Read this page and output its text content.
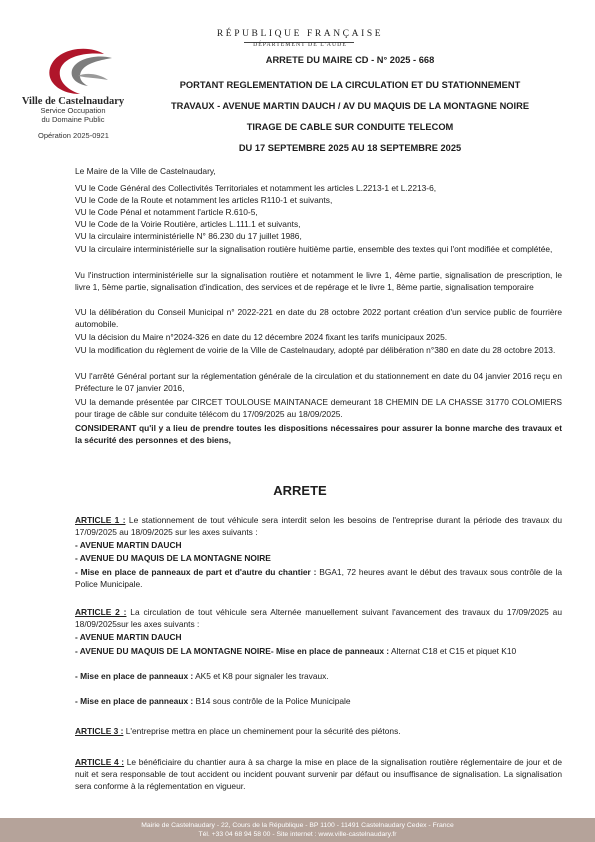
Ville de Castelnaudary
Service Occupation
du Domaine Public
Opération 2025-0921
RÉPUBLIQUE FRANÇAISE
DÉPARTEMENT DE L'AUDE
ARRETE DU MAIRE CD - N° 2025 - 668
PORTANT REGLEMENTATION DE LA CIRCULATION ET DU STATIONNEMENT
TRAVAUX - AVENUE MARTIN DAUCH / AV DU MAQUIS DE LA MONTAGNE NOIRE
TIRAGE DE CABLE SUR CONDUITE TELECOM
DU 17 SEPTEMBRE 2025 AU 18 SEPTEMBRE 2025
Le Maire de la Ville de Castelnaudary,
VU le Code Général des Collectivités Territoriales et notamment les articles L.2213-1 et L.2213-6,
VU le Code de la Route et notamment les articles R110-1 et suivants,
VU le Code Pénal et notamment l'article R.610-5,
VU le Code de la Voirie Routière, articles L.111.1 et suivants,
VU la circulaire interministérielle N° 86.230 du 17 juillet 1986,
VU la circulaire interministérielle sur la signalisation routière huitième partie, ensemble des textes qui l'ont modifiée et complétée,
Vu l'instruction interministérielle sur la signalisation routière et notamment le livre 1, 4ème partie, signalisation de prescription, le livre 1, 5ème partie, signalisation d'indication, des services et de repérage et le livre 1, 8ème partie, signalisation temporaire
VU la délibération du Conseil Municipal n° 2022-221 en date du 28 octobre 2022 portant création d'un service public de fourrière automobile.
VU la décision du Maire n°2024-326 en date du 12 décembre 2024 fixant les tarifs municipaux 2025.
VU la modification du règlement de voirie de la Ville de Castelnaudary, adopté par délibération n°380 en date du 28 octobre 2013.
VU l'arrêté Général portant sur la réglementation générale de la circulation et du stationnement en date du 04 janvier 2016 reçu en Préfecture le 07 janvier 2016,
VU la demande présentée par CIRCET TOULOUSE MAINTANACE demeurant 18 CHEMIN DE LA CHASSE 31770 COLOMIERS pour tirage de câble sur conduite télécom du 17/09/2025 au 18/09/2025.
CONSIDERANT qu'il y a lieu de prendre toutes les dispositions nécessaires pour assurer la bonne marche des travaux et la sécurité des personnes et des biens,
ARRETE
ARTICLE 1 : Le stationnement de tout véhicule sera interdit selon les besoins de l'entreprise durant la période des travaux du 17/09/2025 au 18/09/2025 sur les axes suivants :
- AVENUE MARTIN DAUCH
- AVENUE DU MAQUIS DE LA MONTAGNE NOIRE
- Mise en place de panneaux de part et d'autre du chantier : BGA1, 72 heures avant le début des travaux sous contrôle de la Police Municipale.
ARTICLE 2 : La circulation de tout véhicule sera Alternée manuellement suivant l'avancement des travaux du 17/09/2025 au 18/09/2025sur les axes suivants :
- AVENUE MARTIN DAUCH
- AVENUE DU MAQUIS DE LA MONTAGNE NOIRE- Mise en place de panneaux : Alternat C18 et C15 et piquet K10
- Mise en place de panneaux : AK5 et K8 pour signaler les travaux.
- Mise en place de panneaux : B14 sous contrôle de la Police Municipale
ARTICLE 3 : L'entreprise mettra en place un cheminement pour la sécurité des piétons.
ARTICLE 4 : Le bénéficiaire du chantier aura à sa charge la mise en place de la signalisation routière réglementaire de jour et de nuit et sera responsable de tout accident ou incident pouvant survenir par défaut ou insuffisance de signalisation. La signalisation sera conforme à la réglementation en vigueur.
Mairie de Castelnaudary - 22, Cours de la République - BP 1100 - 11491 Castelnaudary Cedex - France
Tél. +33 04 68 94 58 00 - Site internet : www.ville-castelnaudary.fr
